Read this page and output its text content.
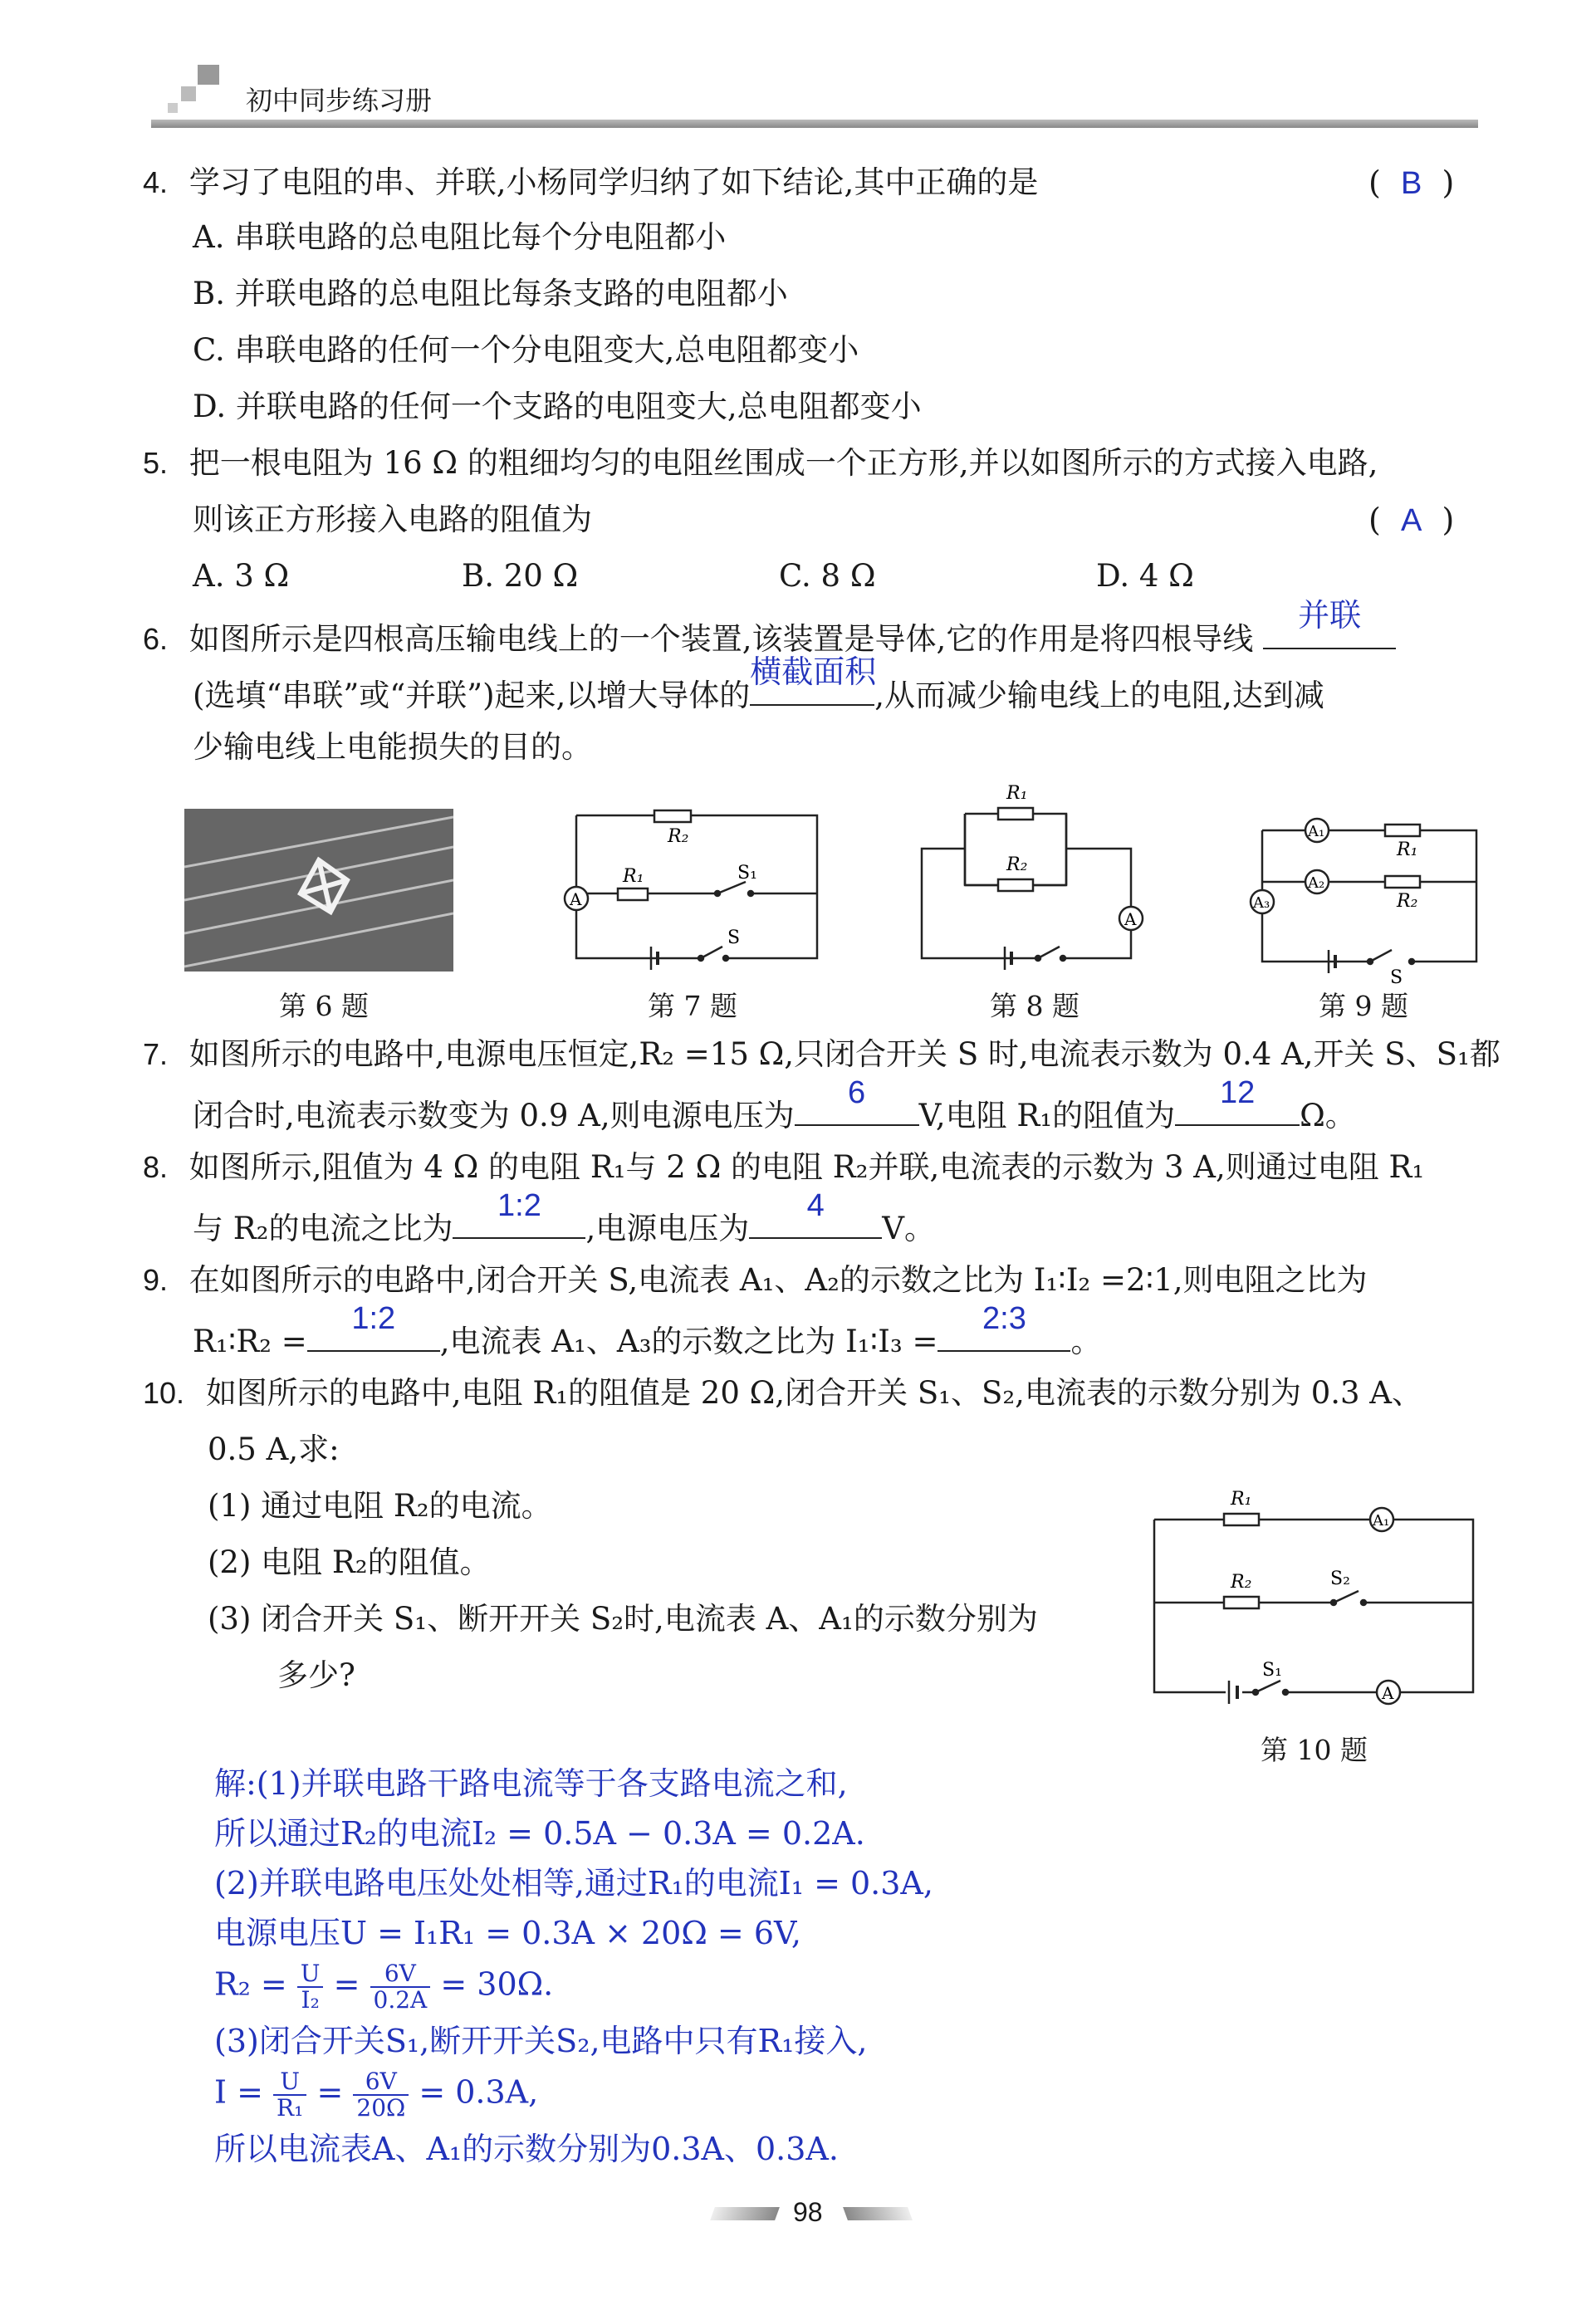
初中同步练习册
4. 学习了电阻的串、并联,小杨同学归纳了如下结论,其中正确的是	(  B  )
A. 串联电路的总电阻比每个分电阻都小
B. 并联电路的总电阻比每条支路的电阻都小
C. 串联电路的任何一个分电阻变大,总电阻都变小
D. 并联电路的任何一个支路的电阻变大,总电阻都变小
5. 把一根电阻为 16 Ω 的粗细均匀的电阻丝围成一个正方形,并以如图所示的方式接入电路,
则该正方形接入电路的阻值为	(  A  )
A. 3 Ω	B. 20 Ω	C. 8 Ω	D. 4 Ω
6. 如图所示是四根高压输电线上的一个装置,该装置是导体,它的作用是将四根导线
并联
(选填“串联”或“并联”)起来,以增大导体的
横截面积
,从而减少输电线上的电阻,达到减
少输电线上电能损失的目的。
第 6 题
A
R₂
R₁	S₁
S
第 7 题
A
R₁
R₂
第 8 题
A₁
A₂
A₃
R₁
R₂
S
第 9 题
7. 如图所示的电路中,电源电压恒定,R₂ =15 Ω,只闭合开关 S 时,电流表示数为 0.4 A,开关 S、S₁都
闭合时,电流表示数变为 0.9 A,则电源电压为
6
V,电阻 R₁的阻值为
12
Ω。
8. 如图所示,阻值为 4 Ω 的电阻 R₁与 2 Ω 的电阻 R₂并联,电流表的示数为 3 A,则通过电阻 R₁
与 R₂的电流之比为
1:2
,电源电压为
4
V。
9. 在如图所示的电路中,闭合开关 S,电流表 A₁、A₂的示数之比为 I₁∶I₂ =2∶1,则电阻之比为
R₁∶R₂ =
1:2
,电流表 A₁、A₃的示数之比为 I₁∶I₃ =
2:3
。
10. 如图所示的电路中,电阻 R₁的阻值是 20 Ω,闭合开关 S₁、S₂,电流表的示数分别为 0.3 A、
0.5 A,求:
(1) 通过电阻 R₂的电流。
(2) 电阻 R₂的阻值。
(3) 闭合开关 S₁、断开开关 S₂时,电流表 A、A₁的示数分别为
多少?
A₁
A
R₁
R₂	S₂
S₁
第 10 题
解:(1)并联电路干路电流等于各支路电流之和,
所以通过R₂的电流I₂ = 0.5A − 0.3A = 0.2A.
(2)并联电路电压处处相等,通过R₁的电流I₁ = 0.3A,
电源电压U = I₁R₁ = 0.3A × 20Ω = 6V,
$R_2 = \frac{U}{\text{I₂}} = \frac{6V}{0.2A} = 30\Omega$.
(3)闭合开关S₁,断开开关S₂,电路中只有R₁接入,
$I = \frac{U}{\text{R₁}} = \frac{6V}{20\Omega} = 0.3A$,
所以电流表A、A₁的示数分别为0.3A、0.3A.
98
